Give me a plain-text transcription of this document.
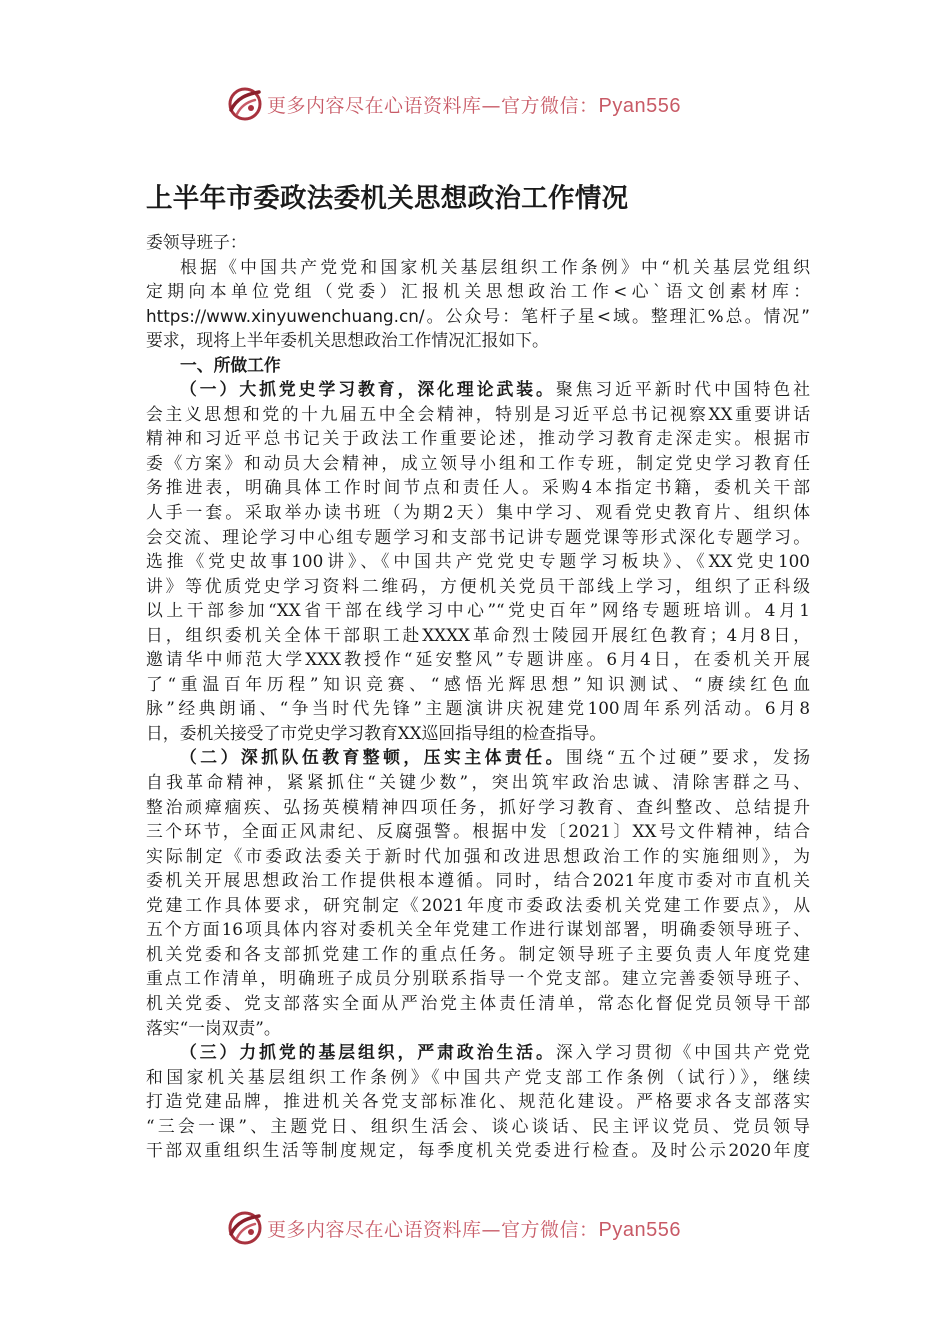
更多内容尽在心语资料库—官方微信：Pyan556
上半年市委政法委机关思想政治工作情况
委领导班子：
根据《中国共产党党和国家机关基层组织工作条例》中“机关基层党组织
定期向本单位党组（党委）汇报机关思想政治工作<心`语文创素材库：
https://www.xinyuwenchuang.cn/。公众号：笔杆子星<域。整理汇%总。情况”
要求，现将上半年委机关思想政治工作情况汇报如下。
一、所做工作
（一）大抓党史学习教育，深化理论武装。聚焦习近平新时代中国特色社
会主义思想和党的十九届五中全会精神，特别是习近平总书记视察XX重要讲话
精神和习近平总书记关于政法工作重要论述，推动学习教育走深走实。根据市
委《方案》和动员大会精神，成立领导小组和工作专班，制定党史学习教育任
务推进表，明确具体工作时间节点和责任人。采购4本指定书籍，委机关干部
人手一套。采取举办读书班（为期2天）集中学习、观看党史教育片、组织体
会交流、理论学习中心组专题学习和支部书记讲专题党课等形式深化专题学习。
选推《党史故事100讲》、《中国共产党党史专题学习板块》、《XX党史100
讲》等优质党史学习资料二维码，方便机关党员干部线上学习，组织了正科级
以上干部参加“XX省干部在线学习中心”“党史百年”网络专题班培训。4月1
日，组织委机关全体干部职工赴XXXX革命烈士陵园开展红色教育；4月8日，
邀请华中师范大学XXX教授作“延安整风”专题讲座。6月4日，在委机关开展
了“重温百年历程”知识竞赛、“感悟光辉思想”知识测试、“赓续红色血
脉”经典朗诵、“争当时代先锋”主题演讲庆祝建党100周年系列活动。6月8
日，委机关接受了市党史学习教育XX巡回指导组的检查指导。
（二）深抓队伍教育整顿，压实主体责任。围绕“五个过硬”要求，发扬
自我革命精神，紧紧抓住“关键少数”，突出筑牢政治忠诚、清除害群之马、
整治顽瘴痼疾、弘扬英模精神四项任务，抓好学习教育、查纠整改、总结提升
三个环节，全面正风肃纪、反腐强警。根据中发〔2021〕XX号文件精神，结合
实际制定《市委政法委关于新时代加强和改进思想政治工作的实施细则》，为
委机关开展思想政治工作提供根本遵循。同时，结合2021年度市委对市直机关
党建工作具体要求，研究制定《2021年度市委政法委机关党建工作要点》，从
五个方面16项具体内容对委机关全年党建工作进行谋划部署，明确委领导班子、
机关党委和各支部抓党建工作的重点任务。制定领导班子主要负责人年度党建
重点工作清单，明确班子成员分别联系指导一个党支部。建立完善委领导班子、
机关党委、党支部落实全面从严治党主体责任清单，常态化督促党员领导干部
落实“一岗双责”。
（三）力抓党的基层组织，严肃政治生活。深入学习贯彻《中国共产党党
和国家机关基层组织工作条例》《中国共产党支部工作条例（试行）》，继续
打造党建品牌，推进机关各党支部标准化、规范化建设。严格要求各支部落实
“三会一课”、主题党日、组织生活会、谈心谈话、民主评议党员、党员领导
干部双重组织生活等制度规定，每季度机关党委进行检查。及时公示2020年度
更多内容尽在心语资料库—官方微信：Pyan556
